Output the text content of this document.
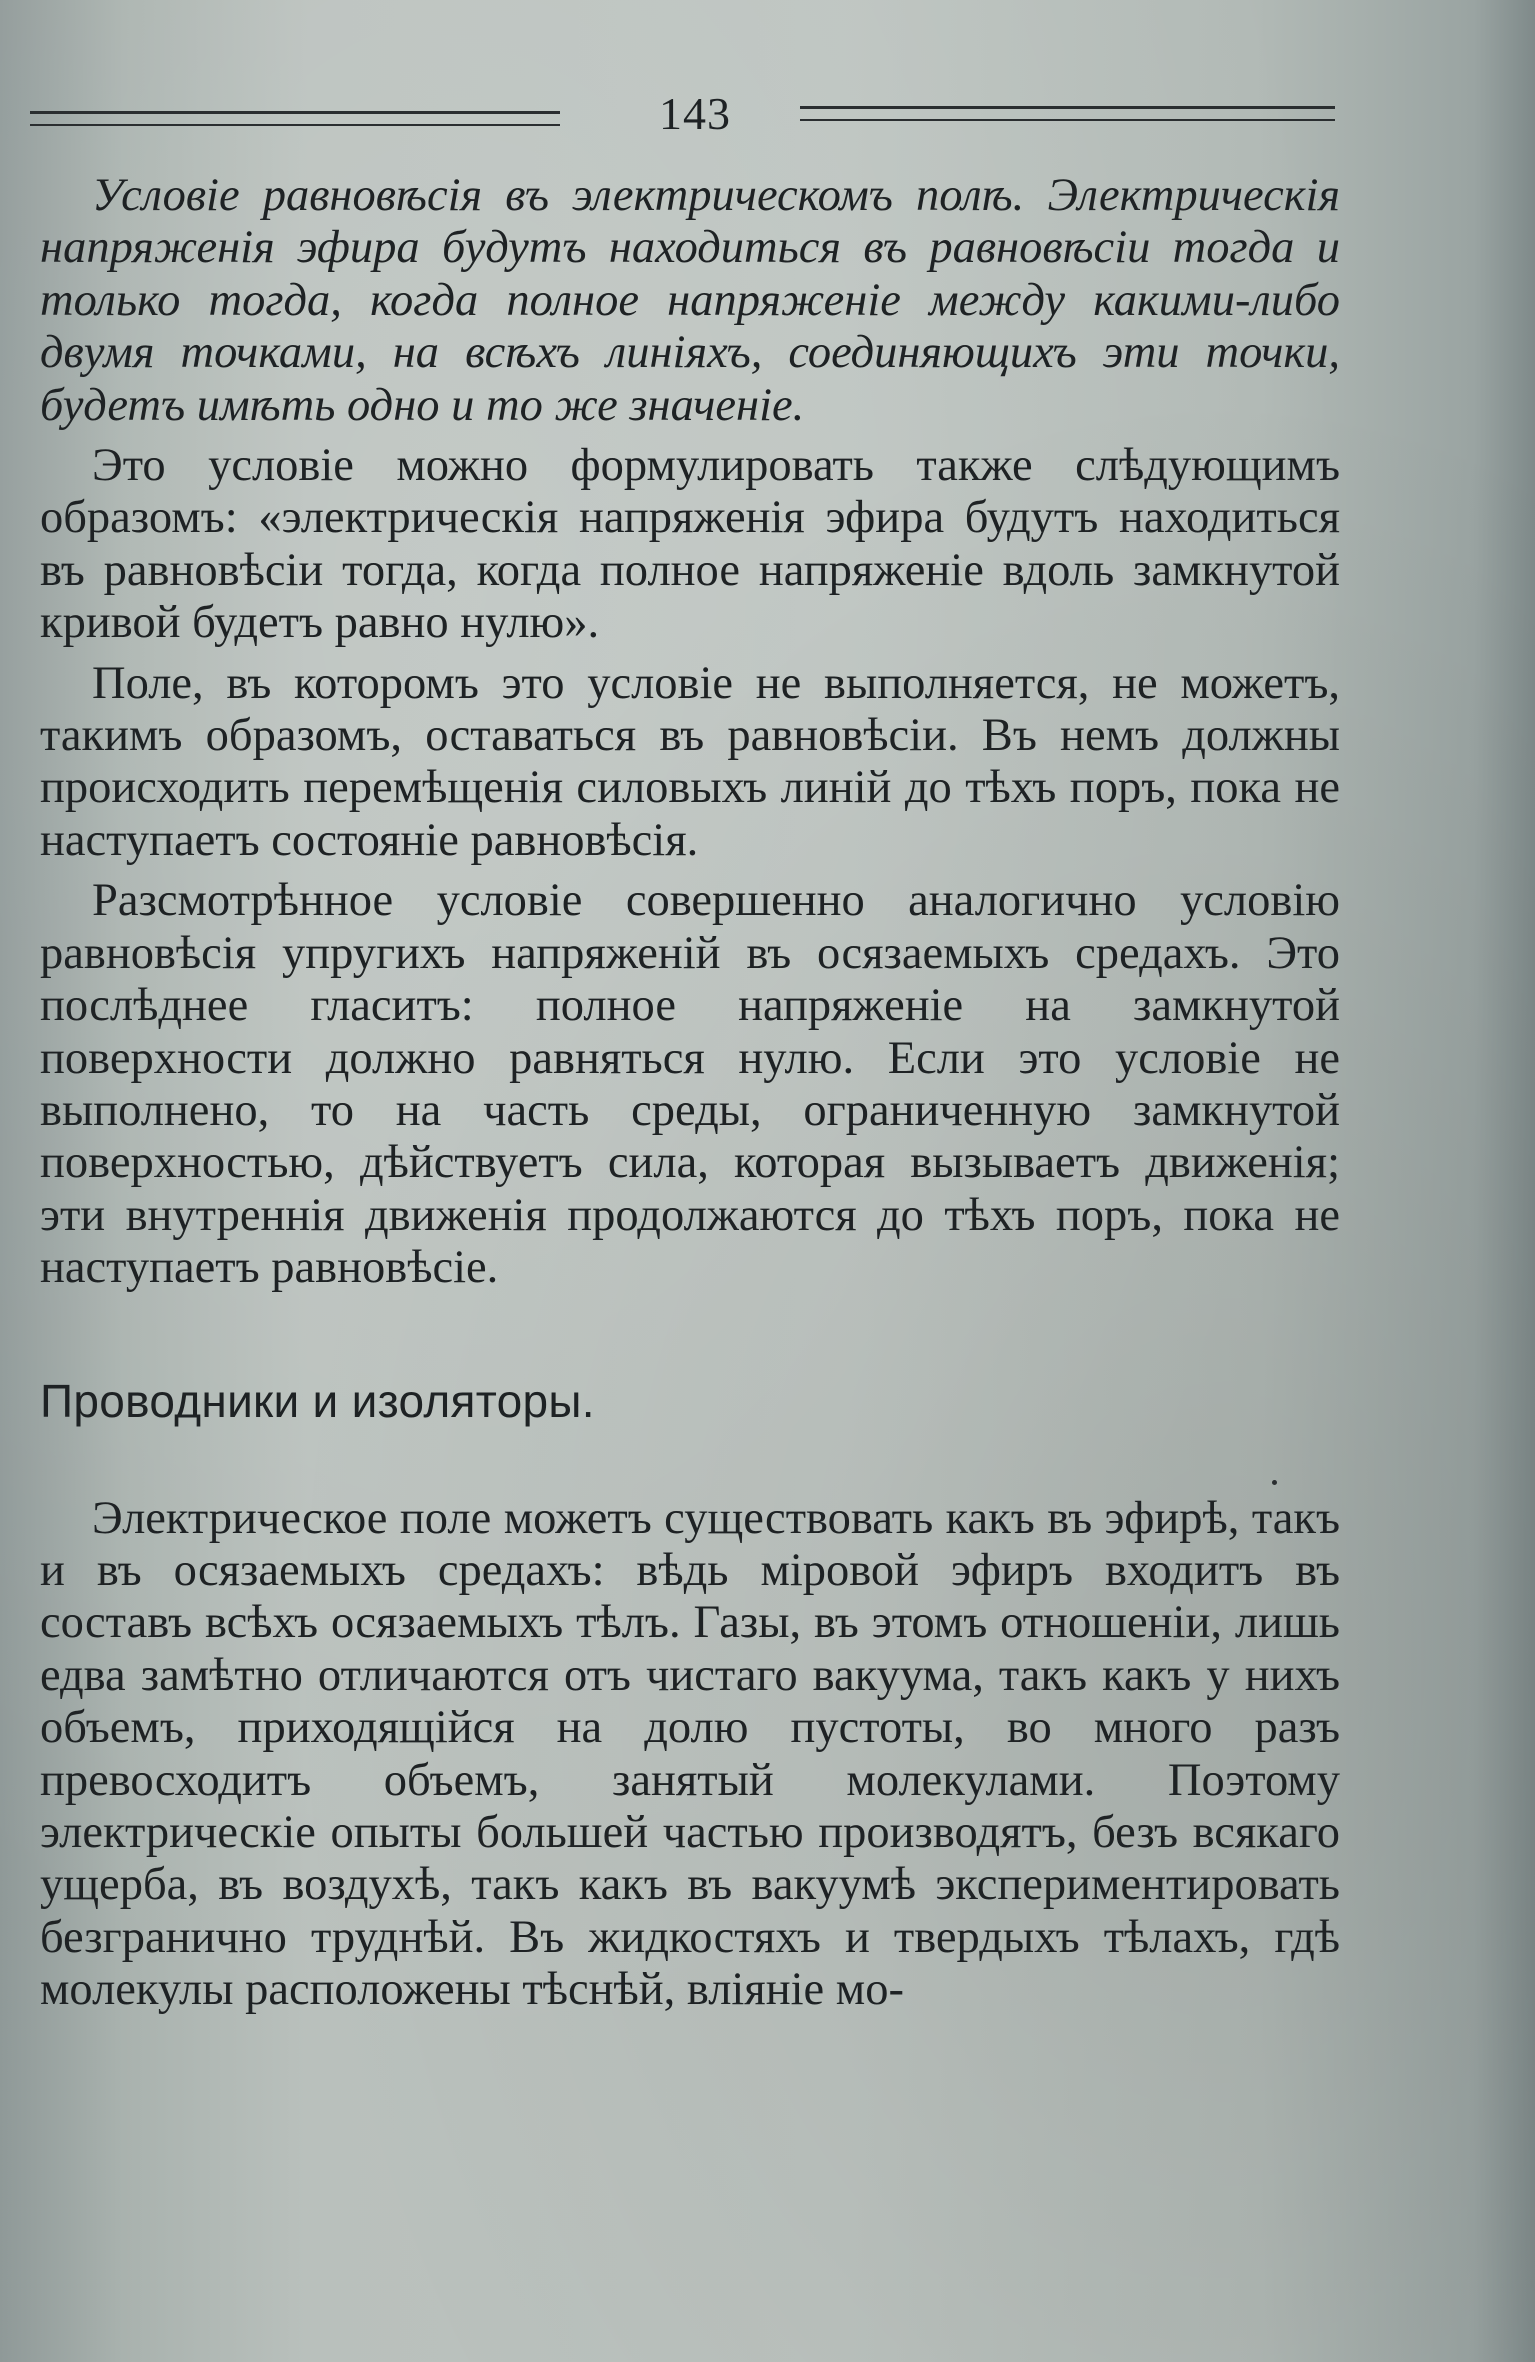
143

Условіе равновѣсія въ электрическомъ полѣ. Электрическія напряженія эфира будутъ находиться въ равновѣсіи тогда и только тогда, когда полное напряженіе между какими-либо двумя точками, на всѣхъ линіяхъ, соединяющихъ эти точки, будетъ имѣть одно и то же значеніе.

Это условіе можно формулировать также слѣдующимъ образомъ: «электрическія напряженія эфира будутъ находиться въ равновѣсіи тогда, когда полное напряженіе вдоль замкнутой кривой будетъ равно нулю».

Поле, въ которомъ это условіе не выполняется, не можетъ, такимъ образомъ, оставаться въ равновѣсіи. Въ немъ должны происходить перемѣщенія силовыхъ линій до тѣхъ поръ, пока не наступаетъ состояніе равновѣсія.

Разсмотрѣнное условіе совершенно аналогично условію равновѣсія упругихъ напряженій въ осязаемыхъ средахъ. Это послѣднее гласитъ: полное напряженіе на замкнутой поверхности должно равняться нулю. Если это условіе не выполнено, то на часть среды, ограниченную замкнутой поверхностью, дѣйствуетъ сила, которая вызываетъ движенія; эти внутреннія движенія продолжаются до тѣхъ поръ, пока не наступаетъ равновѣсіе.

Проводники и изоляторы.

Электрическое поле можетъ существовать какъ въ эфирѣ, такъ и въ осязаемыхъ средахъ: вѣдь міровой эфиръ входитъ въ составъ всѣхъ осязаемыхъ тѣлъ. Газы, въ этомъ отношеніи, лишь едва замѣтно отличаются отъ чистаго вакуума, такъ какъ у нихъ объемъ, приходящійся на долю пустоты, во много разъ превосходитъ объемъ, занятый молекулами. Поэтому электрическіе опыты большей частью производятъ, безъ всякаго ущерба, въ воздухѣ, такъ какъ въ вакуумѣ экспериментировать безгранично труднѣй. Въ жидкостяхъ и твердыхъ тѣлахъ, гдѣ молекулы расположены тѣснѣй, вліяніе мо-
